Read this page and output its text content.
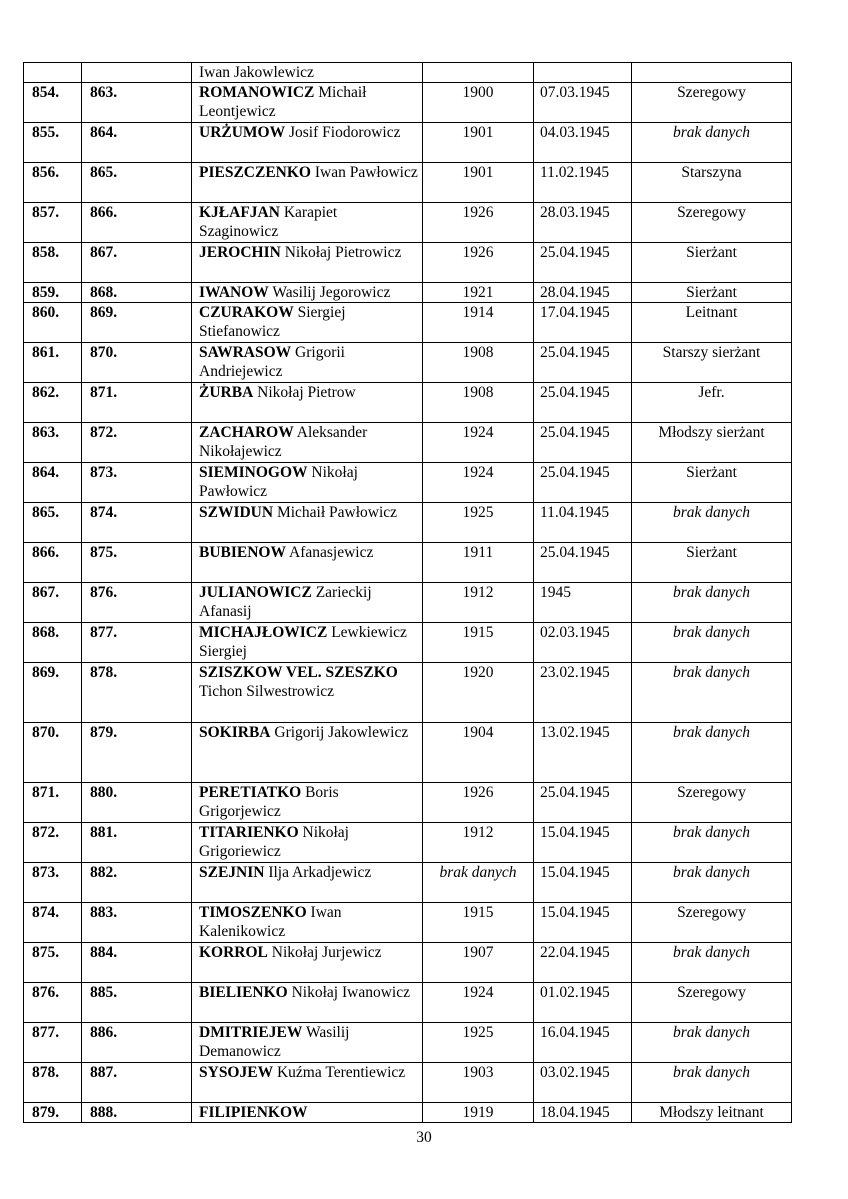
		Iwan Jakowlewicz			
854.	863.	ROMANOWICZ Michaił Leontjewicz	1900	07.03.1945	Szeregowy
855.	864.	URŻUMOW Josif Fiodorowicz	1901	04.03.1945	brak danych
856.	865.	PIESZCZENKO Iwan Pawłowicz	1901	11.02.1945	Starszyna
857.	866.	KJŁAFJAN Karapiet Szaginowicz	1926	28.03.1945	Szeregowy
858.	867.	JEROCHIN Nikołaj Pietrowicz	1926	25.04.1945	Sierżant
859.	868.	IWANOW Wasilij Jegorowicz	1921	28.04.1945	Sierżant
860.	869.	CZURAKOW Siergiej Stiefanowicz	1914	17.04.1945	Leitnant
861.	870.	SAWRASOW Grigorii Andriejewicz	1908	25.04.1945	Starszy sierżant
862.	871.	ŻURBA Nikołaj Pietrow	1908	25.04.1945	Jefr.
863.	872.	ZACHAROW Aleksander Nikołajewicz	1924	25.04.1945	Młodszy sierżant
864.	873.	SIEMINOGOW Nikołaj Pawłowicz	1924	25.04.1945	Sierżant
865.	874.	SZWIDUN Michaił Pawłowicz	1925	11.04.1945	brak danych
866.	875.	BUBIENOW Afanasjewicz	1911	25.04.1945	Sierżant
867.	876.	JULIANOWICZ Zarieckij Afanasij	1912	1945	brak danych
868.	877.	MICHAJŁOWICZ Lewkiewicz Siergiej	1915	02.03.1945	brak danych
869.	878.	SZISZKOW VEL. SZESZKO Tichon Silwestrowicz	1920	23.02.1945	brak danych
870.	879.	SOKIRBA Grigorij Jakowlewicz	1904	13.02.1945	brak danych
871.	880.	PERETIATKO Boris Grigorjewicz	1926	25.04.1945	Szeregowy
872.	881.	TITARIENKO Nikołaj Grigoriewicz	1912	15.04.1945	brak danych
873.	882.	SZEJNIN Ilja Arkadjewicz	brak danych	15.04.1945	brak danych
874.	883.	TIMOSZENKO Iwan Kalenikowicz	1915	15.04.1945	Szeregowy
875.	884.	KORROL Nikołaj Jurjewicz	1907	22.04.1945	brak danych
876.	885.	BIELIENKO Nikołaj Iwanowicz	1924	01.02.1945	Szeregowy
877.	886.	DMITRIEJEW Wasilij Demanowicz	1925	16.04.1945	brak danych
878.	887.	SYSOJEW Kuźma Terentiewicz	1903	03.02.1945	brak danych
879.	888.	FILIPIENKOW	1919	18.04.1945	Młodszy leitnant
30
